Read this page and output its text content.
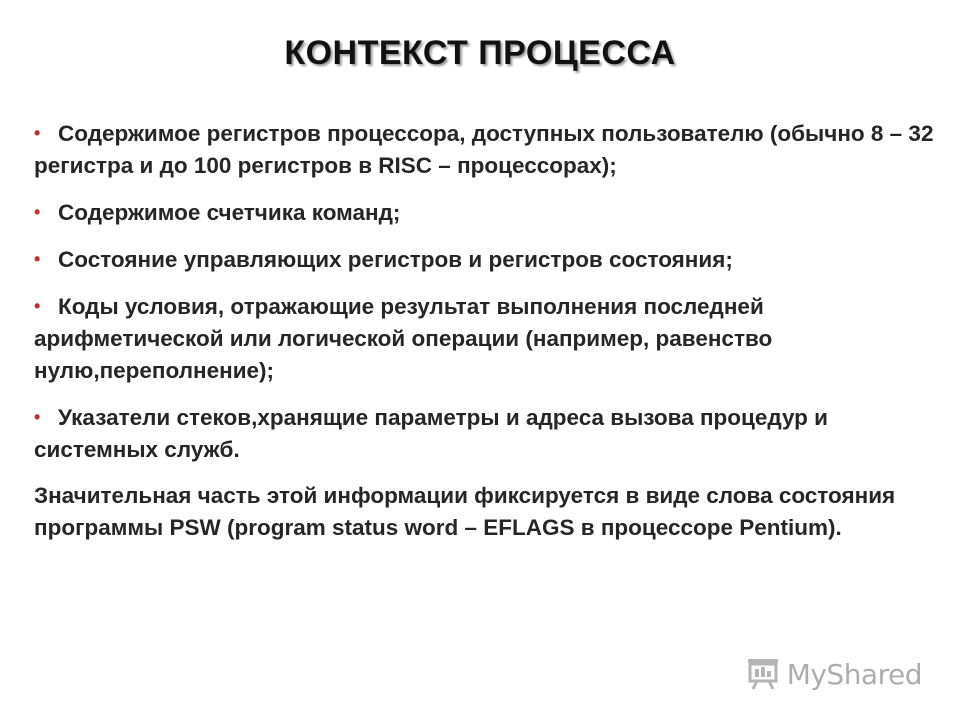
КОНТЕКСТ ПРОЦЕССА
• Содержимое регистров процессора, доступных пользователю (обычно 8 – 32 регистра и до 100 регистров в RISC – процессорах);
• Содержимое счетчика команд;
• Состояние управляющих регистров и регистров состояния;
• Коды условия, отражающие результат выполнения последней арифметической или логической операции (например, равенство нулю,переполнение);
• Указатели стеков,хранящие параметры и адреса вызова процедур и системных служб.
Значительная часть этой информации фиксируется в виде слова состояния программы PSW (program status word – EFLAGS в процессоре Pentium).
MyShared
